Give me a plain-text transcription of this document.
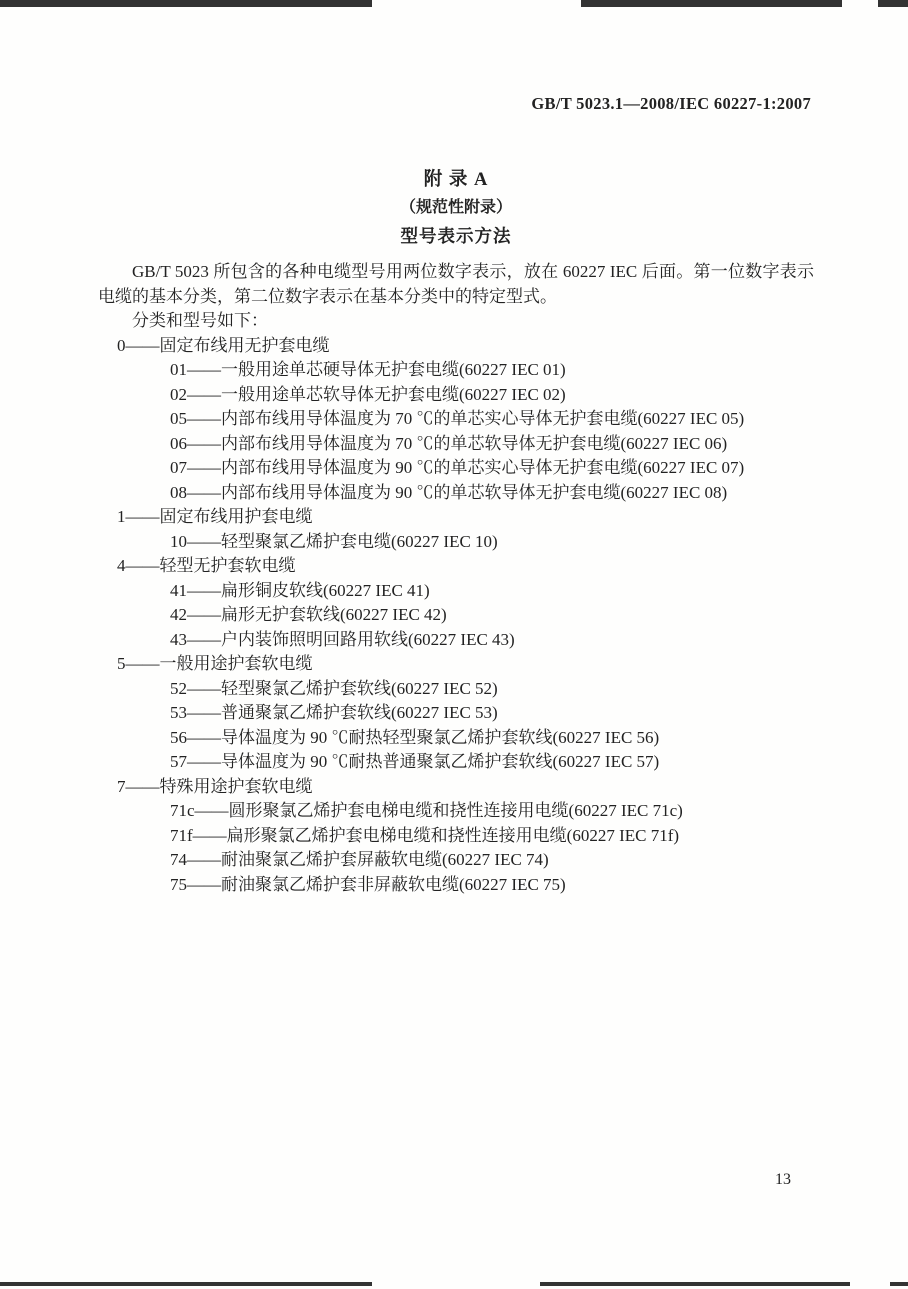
GB/T 5023.1—2008/IEC 60227-1:2007
附 录 A
（规范性附录）
型号表示方法

GB/T 5023 所包含的各种电缆型号用两位数字表示，放在 60227 IEC 后面。第一位数字表示电缆的基本分类，第二位数字表示在基本分类中的特定型式。

分类和型号如下：
0——固定布线用无护套电缆
01——一般用途单芯硬导体无护套电缆(60227 IEC 01)
02——一般用途单芯软导体无护套电缆(60227 IEC 02)
05——内部布线用导体温度为 70 ℃的单芯实心导体无护套电缆(60227 IEC 05)
06——内部布线用导体温度为 70 ℃的单芯软导体无护套电缆(60227 IEC 06)
07——内部布线用导体温度为 90 ℃的单芯实心导体无护套电缆(60227 IEC 07)
08——内部布线用导体温度为 90 ℃的单芯软导体无护套电缆(60227 IEC 08)
1——固定布线用护套电缆
10——轻型聚氯乙烯护套电缆(60227 IEC 10)
4——轻型无护套软电缆
41——扁形铜皮软线(60227 IEC 41)
42——扁形无护套软线(60227 IEC 42)
43——户内装饰照明回路用软线(60227 IEC 43)
5——一般用途护套软电缆
52——轻型聚氯乙烯护套软线(60227 IEC 52)
53——普通聚氯乙烯护套软线(60227 IEC 53)
56——导体温度为 90 ℃耐热轻型聚氯乙烯护套软线(60227 IEC 56)
57——导体温度为 90 ℃耐热普通聚氯乙烯护套软线(60227 IEC 57)
7——特殊用途护套软电缆
71c——圆形聚氯乙烯护套电梯电缆和挠性连接用电缆(60227 IEC 71c)
71f——扁形聚氯乙烯护套电梯电缆和挠性连接用电缆(60227 IEC 71f)
74——耐油聚氯乙烯护套屏蔽软电缆(60227 IEC 74)
75——耐油聚氯乙烯护套非屏蔽软电缆(60227 IEC 75)
13
